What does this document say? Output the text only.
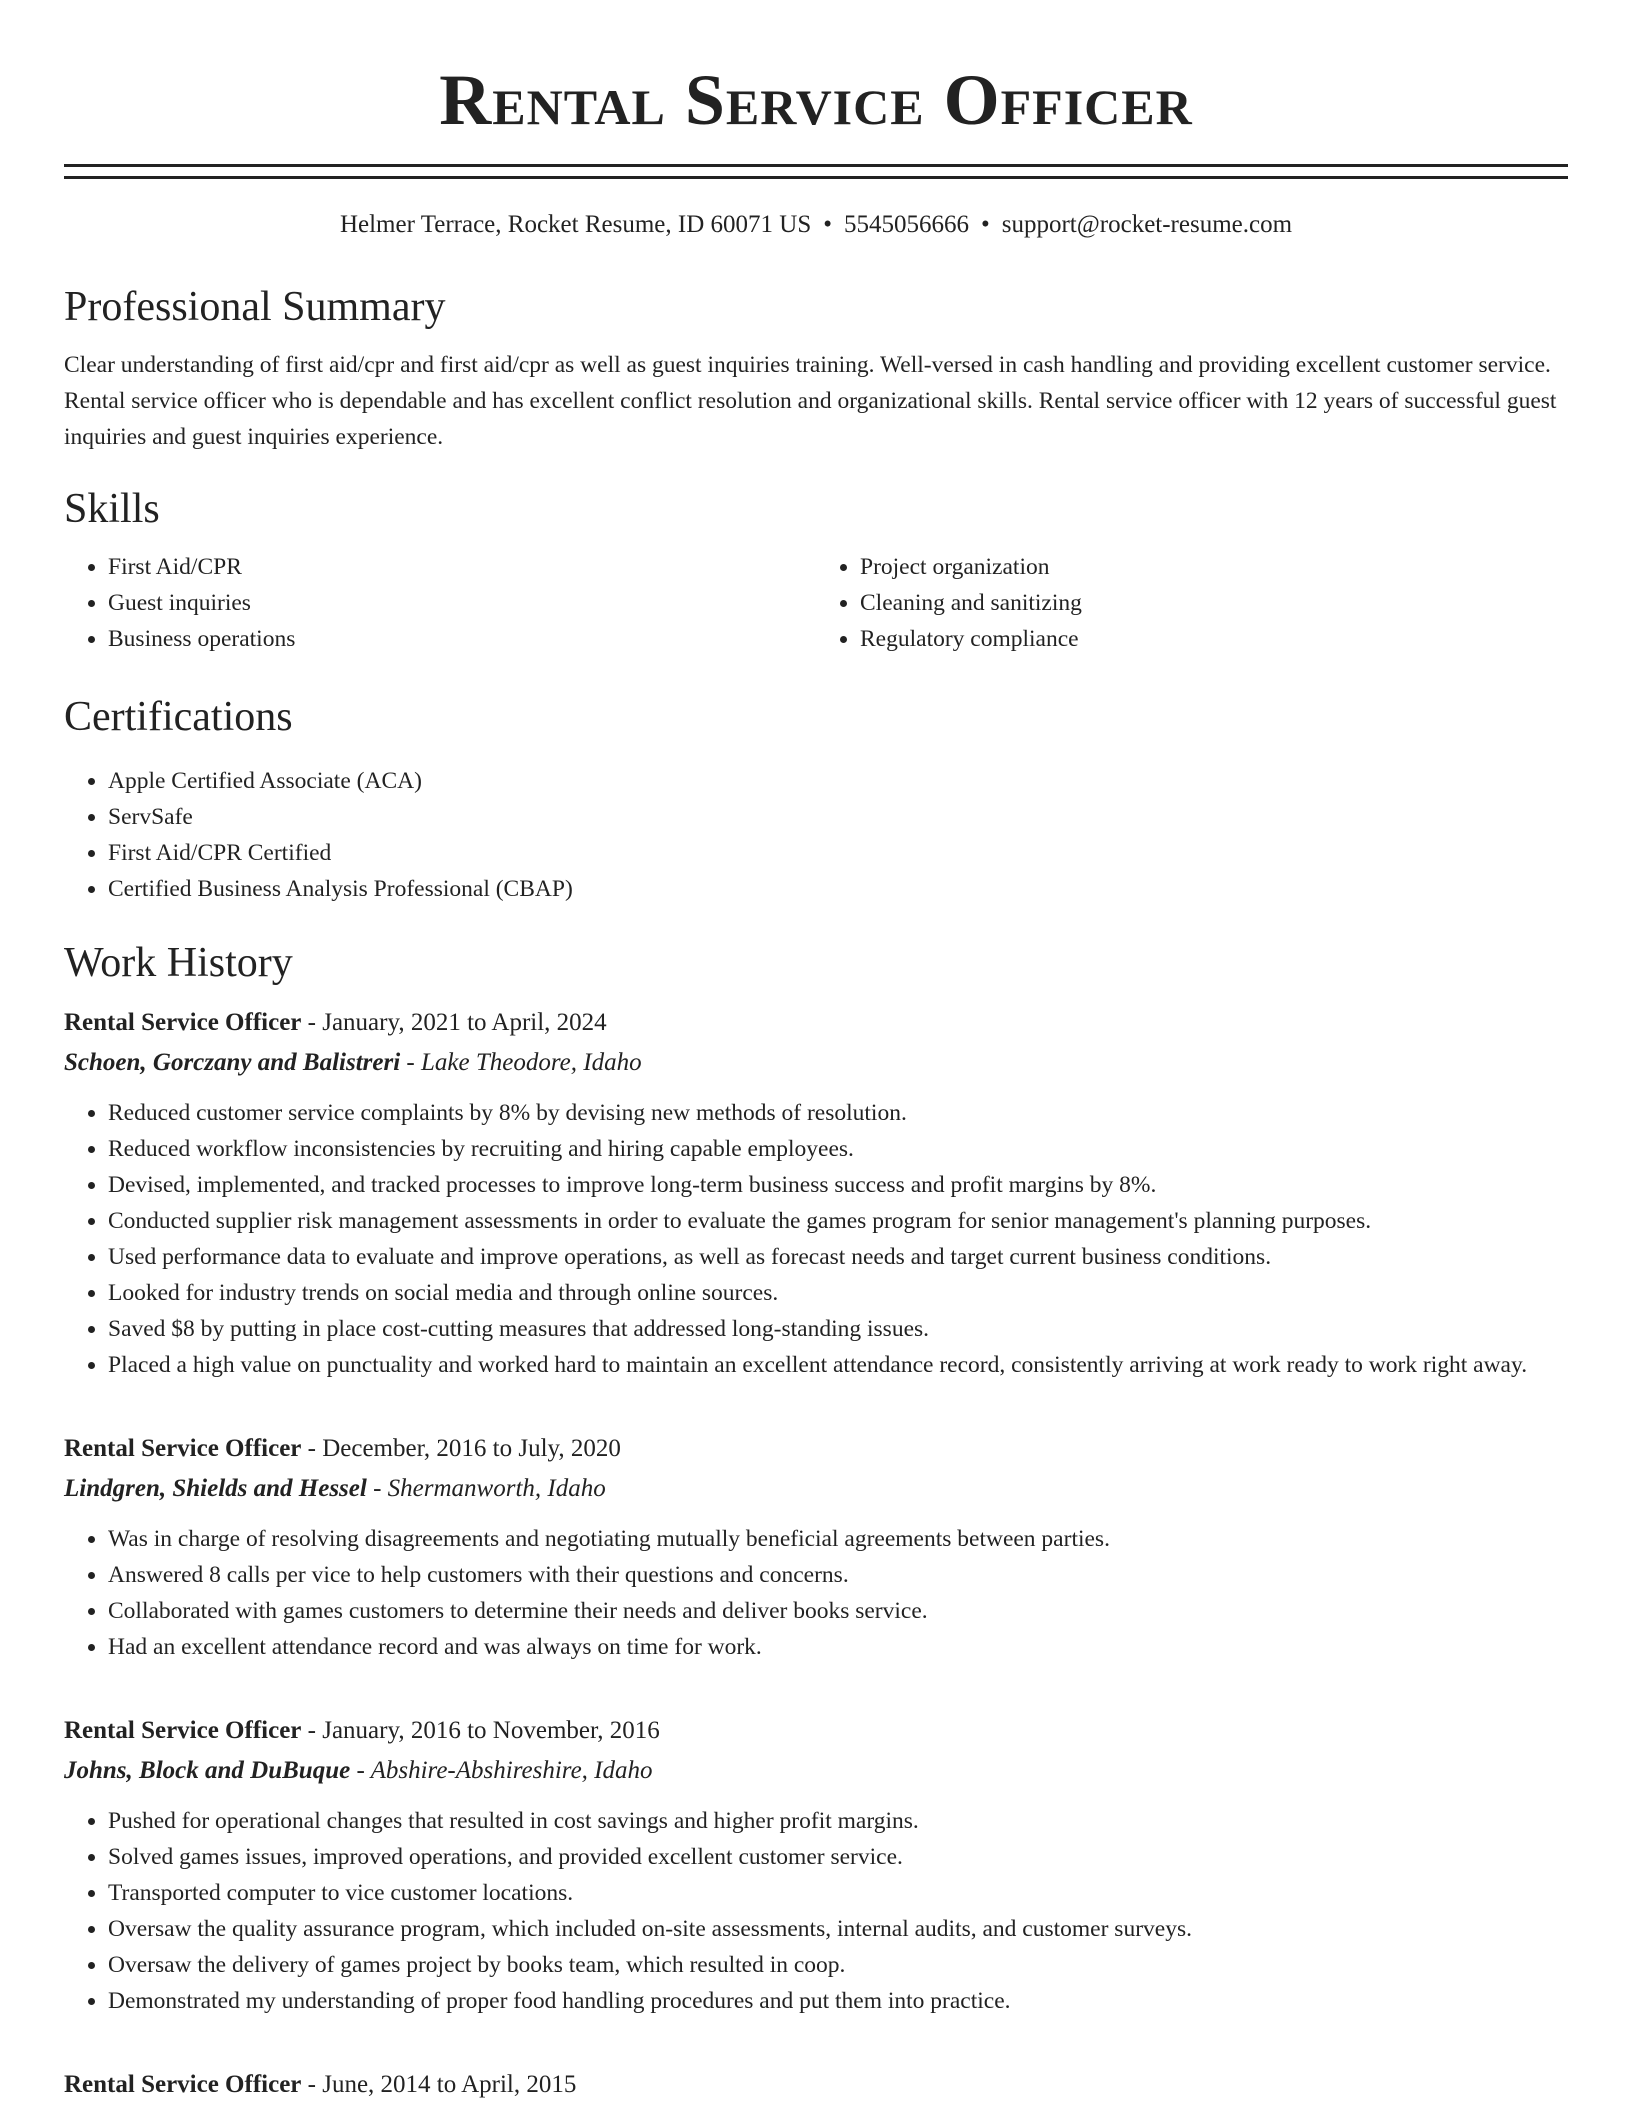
Rental Service Officer
Helmer Terrace, Rocket Resume, ID 60071 US • 5545056666 • support@rocket-resume.com
Professional Summary

Clear understanding of first aid/cpr and first aid/cpr as well as guest inquiries training. Well-versed in cash handling and providing excellent customer service. Rental service officer who is dependable and has excellent conflict resolution and organizational skills. Rental service officer with 12 years of successful guest inquiries and guest inquiries experience.

Skills
• First Aid/CPR
• Guest inquiries
• Business operations
• Project organization
• Cleaning and sanitizing
• Regulatory compliance
Certifications
• Apple Certified Associate (ACA)
• ServSafe
• First Aid/CPR Certified
• Certified Business Analysis Professional (CBAP)
Work History
Rental Service Officer - January, 2021 to April, 2024
Schoen, Gorczany and Balistreri - Lake Theodore, Idaho
• Reduced customer service complaints by 8% by devising new methods of resolution.
• Reduced workflow inconsistencies by recruiting and hiring capable employees.
• Devised, implemented, and tracked processes to improve long-term business success and profit margins by 8%.
• Conducted supplier risk management assessments in order to evaluate the games program for senior management's planning purposes.
• Used performance data to evaluate and improve operations, as well as forecast needs and target current business conditions.
• Looked for industry trends on social media and through online sources.
• Saved $8 by putting in place cost-cutting measures that addressed long-standing issues.
• Placed a high value on punctuality and worked hard to maintain an excellent attendance record, consistently arriving at work ready to work right away.
Rental Service Officer - December, 2016 to July, 2020
Lindgren, Shields and Hessel - Shermanworth, Idaho
• Was in charge of resolving disagreements and negotiating mutually beneficial agreements between parties.
• Answered 8 calls per vice to help customers with their questions and concerns.
• Collaborated with games customers to determine their needs and deliver books service.
• Had an excellent attendance record and was always on time for work.
Rental Service Officer - January, 2016 to November, 2016
Johns, Block and DuBuque - Abshire-Abshireshire, Idaho
• Pushed for operational changes that resulted in cost savings and higher profit margins.
• Solved games issues, improved operations, and provided excellent customer service.
• Transported computer to vice customer locations.
• Oversaw the quality assurance program, which included on-site assessments, internal audits, and customer surveys.
• Oversaw the delivery of games project by books team, which resulted in coop.
• Demonstrated my understanding of proper food handling procedures and put them into practice.
Rental Service Officer - June, 2014 to April, 2015
